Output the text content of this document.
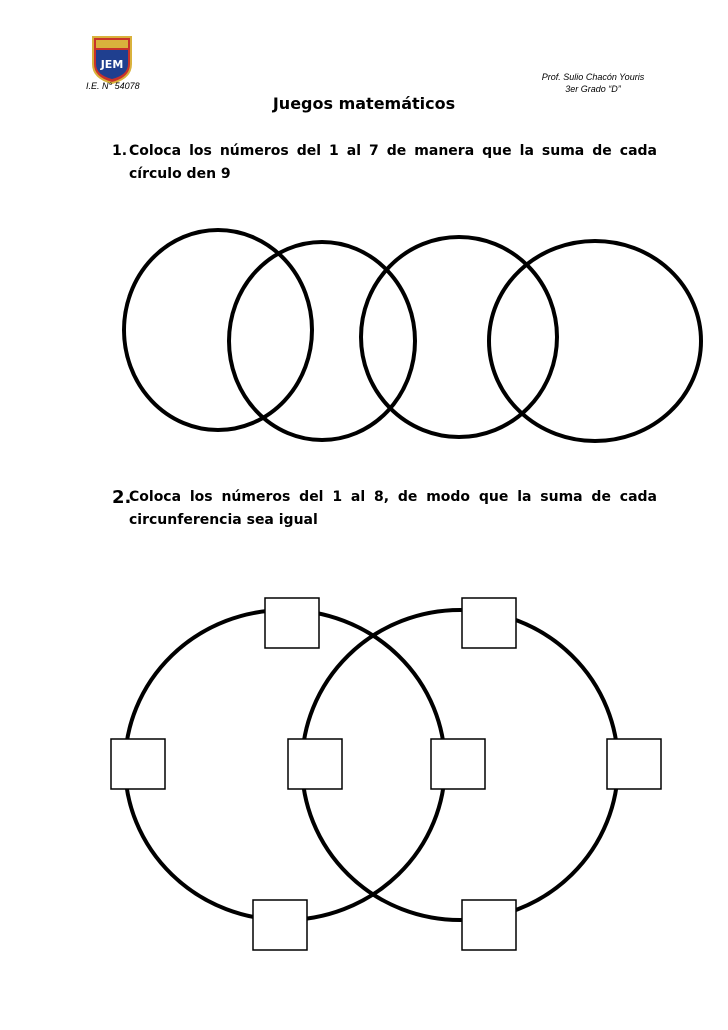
JEM
I.E. N° 54078
Prof. Sulio Chacón Youris
3er Grado “D”
Juegos matemáticos
1. Coloca los números del 1 al 7 de manera que la suma de cada
círculo den 9
2.
Coloca los números del 1 al 8, de modo que la suma de cada
circunferencia sea igual
